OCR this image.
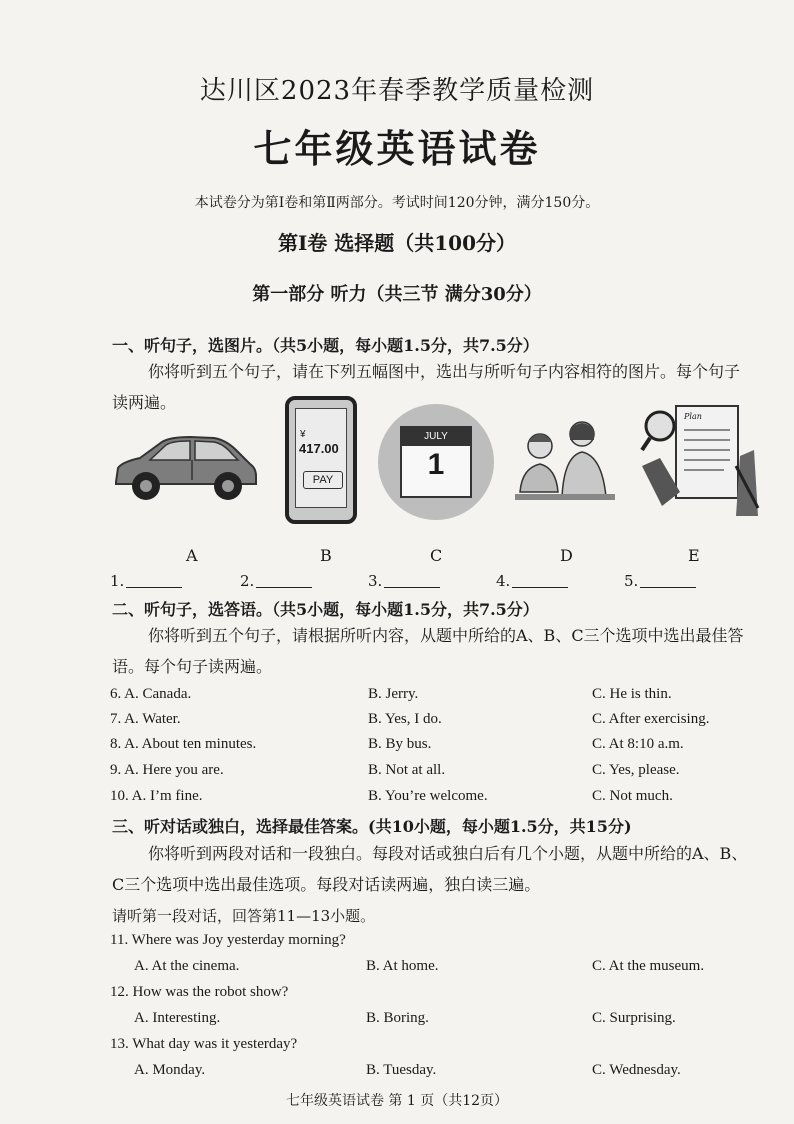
达川区2023年春季教学质量检测
七年级英语试卷
本试卷分为第Ⅰ卷和第Ⅱ两部分。考试时间120分钟，满分150分。
第Ⅰ卷 选择题（共100分）
第一部分 听力（共三节 满分30分）
一、听句子，选图片。（共5小题，每小题1.5分，共7.5分）
你将听到五个句子，请在下列五幅图中，选出与所听句子内容相符的图片。每个句子读两遍。
¥
417.00
PAY
JULY
1
Plan
A	B	C	D	E
1.	2.	3.	4.	5.
二、听句子，选答语。（共5小题，每小题1.5分，共7.5分）
你将听到五个句子，请根据所听内容，从题中所给的A、B、C三个选项中选出最佳答语。每个句子读两遍。
6. A. Canada.	B. Jerry.	C. He is thin.
7. A. Water.	B. Yes, I do.	C. After exercising.
8. A. About ten minutes.	B. By bus.	C. At 8:10 a.m.
9. A. Here you are.	B. Not at all.	C. Yes, please.
10. A. I’m fine.	B. You’re welcome.	C. Not much.
三、听对话或独白，选择最佳答案。(共10小题，每小题1.5分，共15分)
你将听到两段对话和一段独白。每段对话或独白后有几个小题，从题中所给的A、B、C三个选项中选出最佳选项。每段对话读两遍，独白读三遍。
请听第一段对话，回答第11—13小题。
11. Where was Joy yesterday morning?
A. At the cinema.	B. At home.	C. At the museum.
12. How was the robot show?
A. Interesting.	B. Boring.	C. Surprising.
13. What day was it yesterday?
A. Monday.	B. Tuesday.	C. Wednesday.
七年级英语试卷 第 1 页（共12页）
